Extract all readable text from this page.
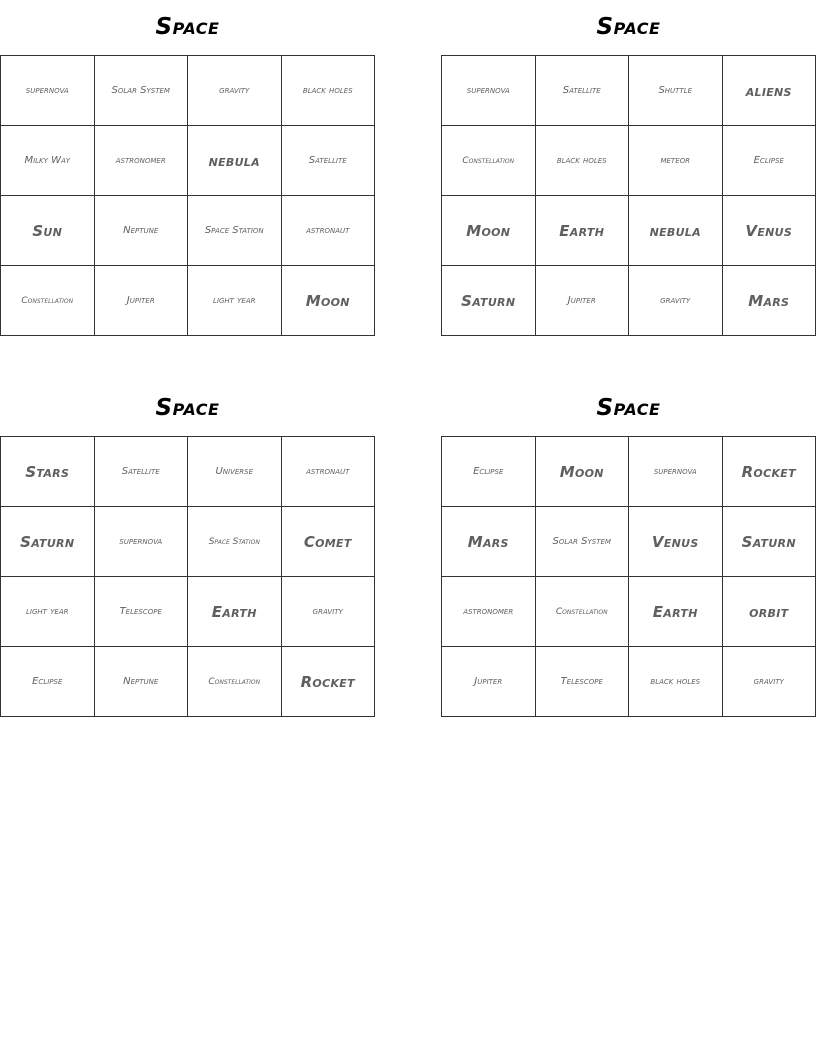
Space
supernova	Solar System	gravity	black holes
Milky Way	astronomer	nebula	Satellite
Sun	Neptune	Space Station	astronaut
Constellation	Jupiter	light year	Moon
Space
supernova	Satellite	Shuttle	aliens
Constellation	black holes	meteor	Eclipse
Moon	Earth	nebula	Venus
Saturn	Jupiter	gravity	Mars
Space
Stars	Satellite	Universe	astronaut
Saturn	supernova	Space Station	Comet
light year	Telescope	Earth	gravity
Eclipse	Neptune	Constellation	Rocket
Space
Eclipse	Moon	supernova	Rocket
Mars	Solar System	Venus	Saturn
astronomer	Constellation	Earth	orbit
Jupiter	Telescope	black holes	gravity
